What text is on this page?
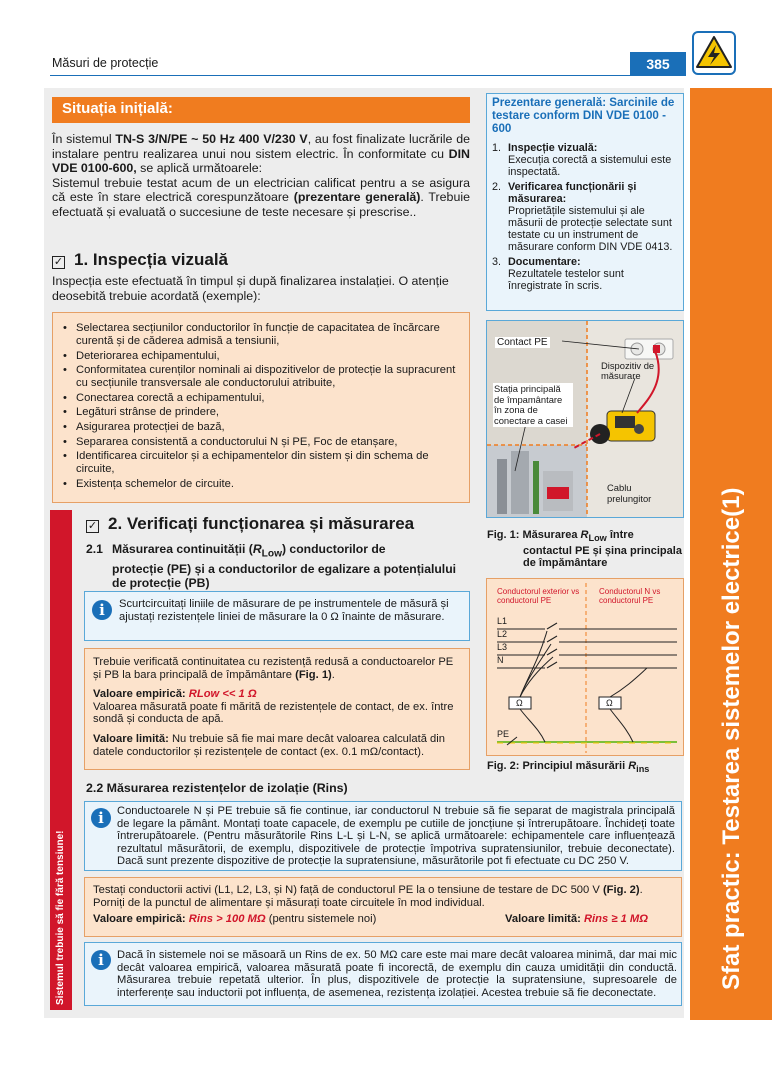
Măsuri de protecție	385
Sfat practic: Testarea sistemelor electrice(1)
Sistemul trebuie să fie fără tensiune!
Situația inițială:
În sistemul TN-S 3/N/PE ~ 50 Hz 400 V/230 V, au fost finalizate lucrările de instalare pentru realizarea unui nou sistem electric. În conformitate cu DIN VDE 0100-600, se aplică următoarele:
Sistemul trebuie testat acum de un electrician calificat pentru a se asigura că este în stare electrică corespunzătoare (prezentare generală). Trebuie efectuată și evaluată o succesiune de teste necesare și prescrise..
✓ 1. Inspecția vizuală
Inspecția este efectuată în timpul și după finalizarea instalației. O atenție deosebită trebuie acordată (exemple):
• Selectarea secțiunilor conductorilor în funcție de capacitatea de încărcare curentă și de căderea admisă a tensiunii,
• Deteriorarea echipamentului,
• Conformitatea curenților nominali ai dispozitivelor de protecție la supracurent cu secțiunile transversale ale conductorului atribuite,
• Conectarea corectă a echipamentului,
• Legături strânse de prindere,
• Asigurarea protecției de bază,
• Separarea consistentă a conductorului N și PE, Foc de etanșare,
• Identificarea circuitelor și a echipamentelor din sistem și din schema de circuite,
• Existența schemelor de circuite.
✓ 2. Verificați funcționarea și măsurarea
2.1 Măsurarea continuității $(R_{Low})$ conductorilor de
protecție (PE) și a conductorilor de egalizare a potențialului de protecție (PB)
i	Scurtcircuitați liniile de măsurare de pe instrumentele de măsură și ajustați rezistențele liniei de măsurare la 0 Ω înainte de măsurare.

Trebuie verificată continuitatea cu rezistență redusă a conductoarelor PE și PB la bara principală de împământare (Fig. 1).

Valoare empirică: RLow << 1 Ω
Valoarea măsurată poate fi mărită de rezistențele de contact, de ex. între sondă și conducta de apă.

Valoare limită: Nu trebuie să fie mai mare decât valoarea calculată din datele conductorilor și rezistențele de contact (ex. 0.1 mΩ/contact).

2.2 Măsurarea rezistențelor de izolație (Rins)
i	Conductoarele N și PE trebuie să fie continue, iar conductorul N trebuie să fie separat de magistrala principală de legare la pământ. Montați toate capacele, de exemplu pe cutiile de joncțiune și întrerupătoare. Închideți toate întrerupătoarele. (Pentru măsurătorile Rins L-L și L-N, se aplică următoarele: echipamentele care influențează rezultatul măsurătorii, de exemplu, dispozitivele de protecție împotriva supratensiunilor, trebuie deconectate). Dacă sunt prezente dispozitive de protecție la supratensiune, măsurătorile pot fi efectuate cu DC 250 V.
Testați conductorii activi (L1, L2, L3, și N) față de conductorul PE la o tensiune de testare de DC 500 V (Fig. 2). Porniți de la punctul de alimentare și măsurați toate circuitele în mod individual.
Valoare empirică: Rins > 100 MΩ (pentru sistemele noi)	Valoare limită: Rins ≥ 1 MΩ
i	Dacă în sistemele noi se măsoară un Rins de ex. 50 MΩ care este mai mare decât valoarea minimă, dar mai mic decât valoarea empirică, valoarea măsurată poate fi incorectă, de exemplu din cauza umidității din conductă. Măsurarea trebuie repetată ulterior. În plus, dispozitivele de protecție la supratensiune, supresoarele de interferențe sau inductorii pot influența, de asemenea, rezistența izolației. Acestea trebuie să fie deconectate.
Prezentare generală: Sarcinile de testare conform DIN VDE 0100 - 600
1. Inspecție vizuală:
Execuția corectă a sistemului este inspectată.
2. Verificarea funcționării și măsurarea:
Proprietățile sistemului și ale măsurii de protecție selectate sunt testate cu un instrument de măsurare conform DIN VDE 0413.
3. Documentare:
Rezultatele testelor sunt înregistrate în scris.
Contact PE
Dispozitiv de măsurare
Stația principală de împamântare în zona de conectare a casei
Cablu prelungitor
Fig. 1: Măsurarea $R_{Low}$ între
contactul PE și șina principala de împământare
Conductorul exterior vs conductorul PE
Conductorul N vs conductorul PE
L1
L2
L3
N
PE
Ω	Ω
Fig. 2: Principiul măsurării $R_{ins}$
